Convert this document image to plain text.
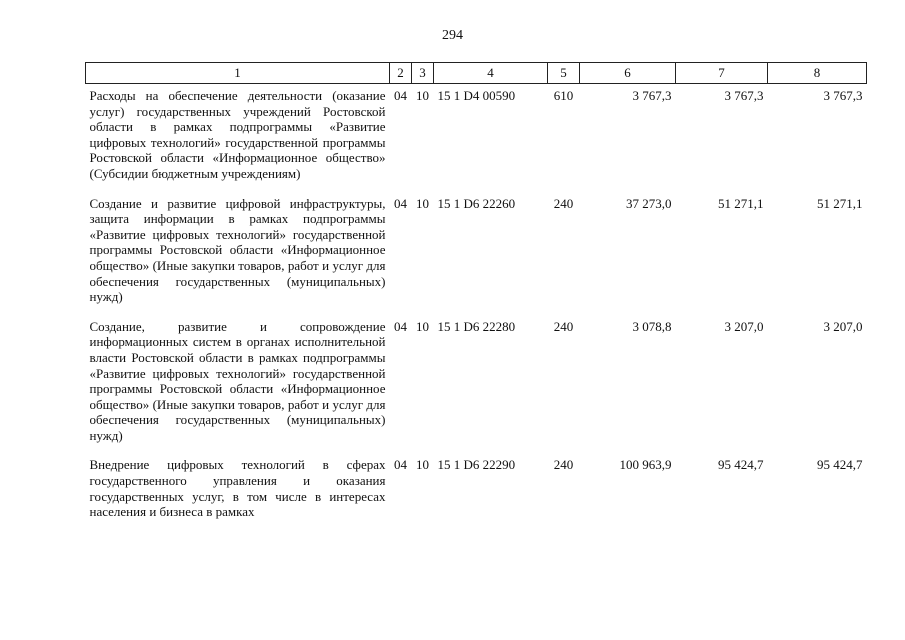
294
1	2	3	4	5	6	7	8
Расходы на обеспечение деятельности (оказание услуг) государственных учреждений Ростовской области в рамках подпрограммы «Развитие цифровых технологий» государственной программы Ростовской области «Информационное общество» (Субсидии бюджетным учреждениям)	04	10	15 1 D4 00590	610	3 767,3	3 767,3	3 767,3
Создание и развитие цифровой инфраструктуры, защита информации в рамках подпрограммы «Развитие цифровых технологий» государственной программы Ростовской области «Информационное общество» (Иные закупки товаров, работ и услуг для обеспечения государственных (муниципальных) нужд)	04	10	15 1 D6 22260	240	37 273,0	51 271,1	51 271,1
Создание, развитие и сопровождение информационных систем в органах исполнительной власти Ростовской области в рамках подпрограммы «Развитие цифровых технологий» государственной программы Ростовской области «Информационное общество» (Иные закупки товаров, работ и услуг для обеспечения государственных (муниципальных) нужд)	04	10	15 1 D6 22280	240	3 078,8	3 207,0	3 207,0
Внедрение цифровых технологий в сферах государственного управления и оказания государственных услуг, в том числе в интересах населения и бизнеса в рамках	04	10	15 1 D6 22290	240	100 963,9	95 424,7	95 424,7
